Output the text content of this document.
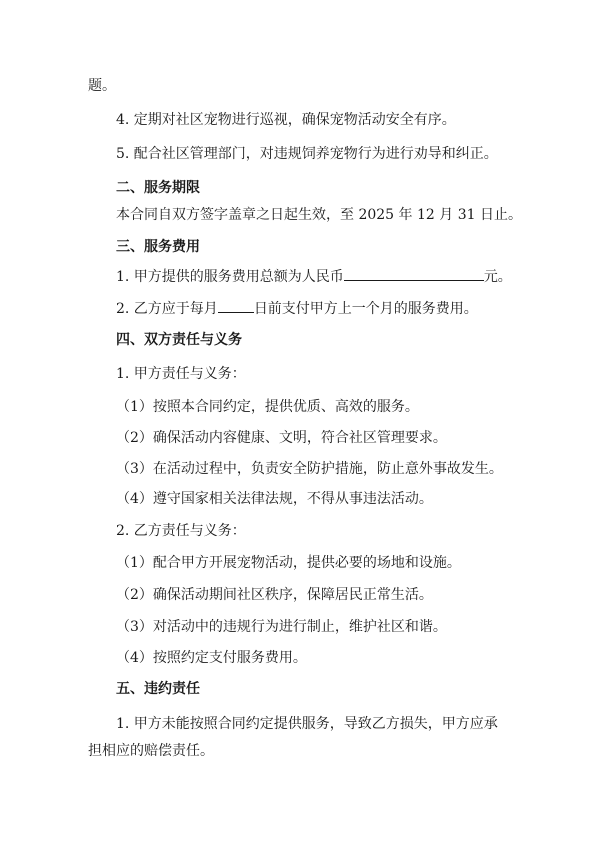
题。
4. 定期对社区宠物进行巡视，确保宠物活动安全有序。
5. 配合社区管理部门，对违规饲养宠物行为进行劝导和纠正。
二、服务期限
本合同自双方签字盖章之日起生效，至 2025 年 12 月 31 日止。
三、服务费用
1. 甲方提供的服务费用总额为人民币	元。
2. 乙方应于每月	日前支付甲方上一个月的服务费用。
四、双方责任与义务
1. 甲方责任与义务：
（1）按照本合同约定，提供优质、高效的服务。
（2）确保活动内容健康、文明，符合社区管理要求。
（3）在活动过程中，负责安全防护措施，防止意外事故发生。
（4）遵守国家相关法律法规，不得从事违法活动。
2. 乙方责任与义务：
（1）配合甲方开展宠物活动，提供必要的场地和设施。
（2）确保活动期间社区秩序，保障居民正常生活。
（3）对活动中的违规行为进行制止，维护社区和谐。
（4）按照约定支付服务费用。
五、违约责任
1. 甲方未能按照合同约定提供服务，导致乙方损失，甲方应承
担相应的赔偿责任。
